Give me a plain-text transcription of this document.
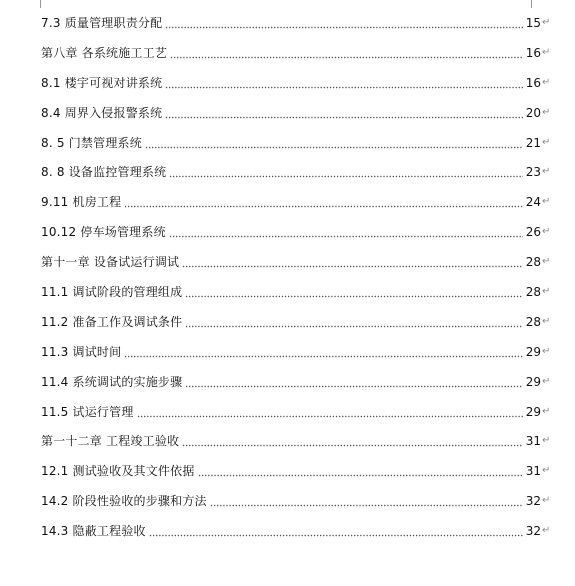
7.3 质量管理职责分配	15 ↵
第八章 各系统施工工艺	16 ↵
8.1 楼宇可视对讲系统	16 ↵
8.4 周界入侵报警系统	20 ↵
8. 5 门禁管理系统	21 ↵
8. 8 设备监控管理系统	23 ↵
9.11 机房工程	24 ↵
10.12 停车场管理系统	26 ↵
第十一章 设备试运行调试	28 ↵
11.1 调试阶段的管理组成	28 ↵
11.2 准备工作及调试条件	28 ↵
11.3 调试时间	29 ↵
11.4 系统调试的实施步骤	29 ↵
11.5 试运行管理	29 ↵
第一十二章 工程竣工验收	31 ↵
12.1 测试验收及其文件依据	31 ↵
14.2 阶段性验收的步骤和方法	32 ↵
14.3 隐蔽工程验收	32 ↵
